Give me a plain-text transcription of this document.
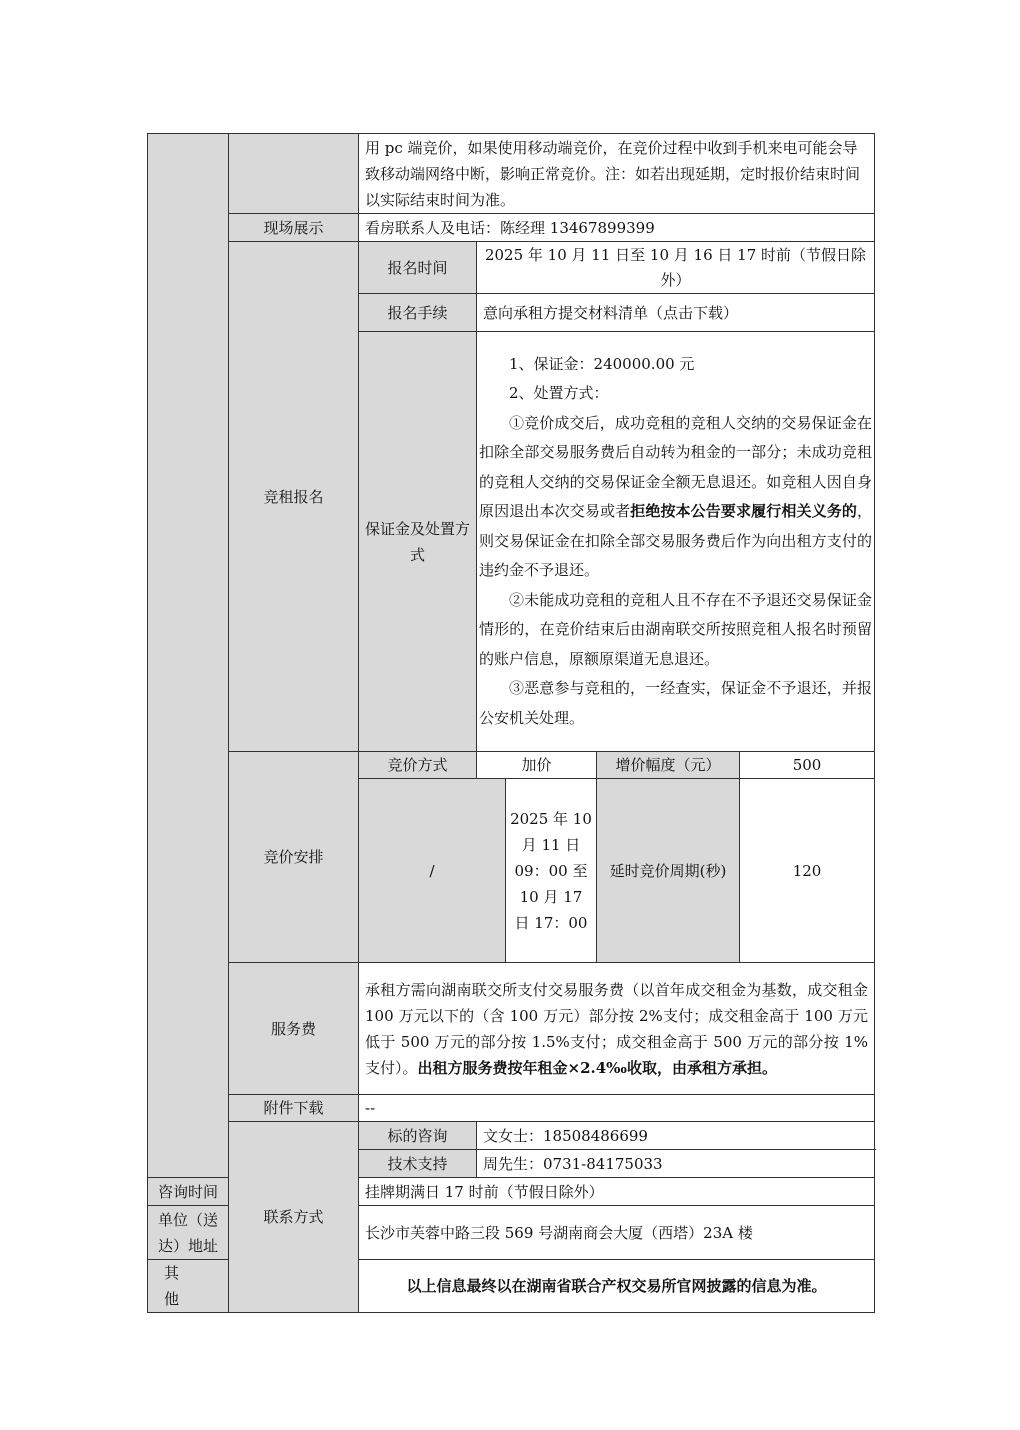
		用 pc 端竞价，如果使用移动端竞价，在竞价过程中收到手机来电可能会导致移动端网络中断，影响正常竞价。注：如若出现延期，定时报价结束时间以实际结束时间为准。				
	现场展示	看房联系人及电话：陈经理 13467899399				
	竞租报名	报名时间	2025 年 10 月 11 日至 10 月 16 日 17 时前（节假日除外）			
		报名手续	意向承租方提交材料清单（点击下载）			
		保证金及处置方式	1、保证金：240000.00 元

2、处置方式：

①竞价成交后，成功竞租的竞租人交纳的交易保证金在扣除全部交易服务费后自动转为租金的一部分；未成功竞租的竞租人交纳的交易保证金全额无息退还。如竞租人因自身原因退出本次交易或者拒绝按本公告要求履行相关义务的，则交易保证金在扣除全部交易服务费后作为向出租方支付的违约金不予退还。

②未能成功竞租的竞租人且不存在不予退还交易保证金情形的，在竞价结束后由湖南联交所按照竞租人报名时预留的账户信息，原额原渠道无息退还。

③恶意参与竞租的，一经查实，保证金不予退还，并报公安机关处理。			

	竞价安排	竞价方式	加价		增价幅度（元）	500
		/		2025 年 10 月 11 日 09：00 至 10 月 17 日 17：00	延时竞价周期(秒)	120
	服务费	承租方需向湖南联交所支付交易服务费（以首年成交租金为基数，成交租金 100 万元以下的（含 100 万元）部分按 2%支付；成交租金高于 100 万元低于 500 万元的部分按 1.5%支付；成交租金高于 500 万元的部分按 1%支付）。出租方服务费按年租金×2.4‰收取，由承租方承担。				
	附件下载	--				
	联系方式	标的咨询	文女士：18508486699			
		技术支持	周先生：0731-84175033			
咨询时间		挂牌期满日 17 时前（节假日除外）				
单位（送达）地址		长沙市芙蓉中路三段 569 号湖南商会大厦（西塔）23A 楼				
其他		以上信息最终以在湖南省联合产权交易所官网披露的信息为准。				
